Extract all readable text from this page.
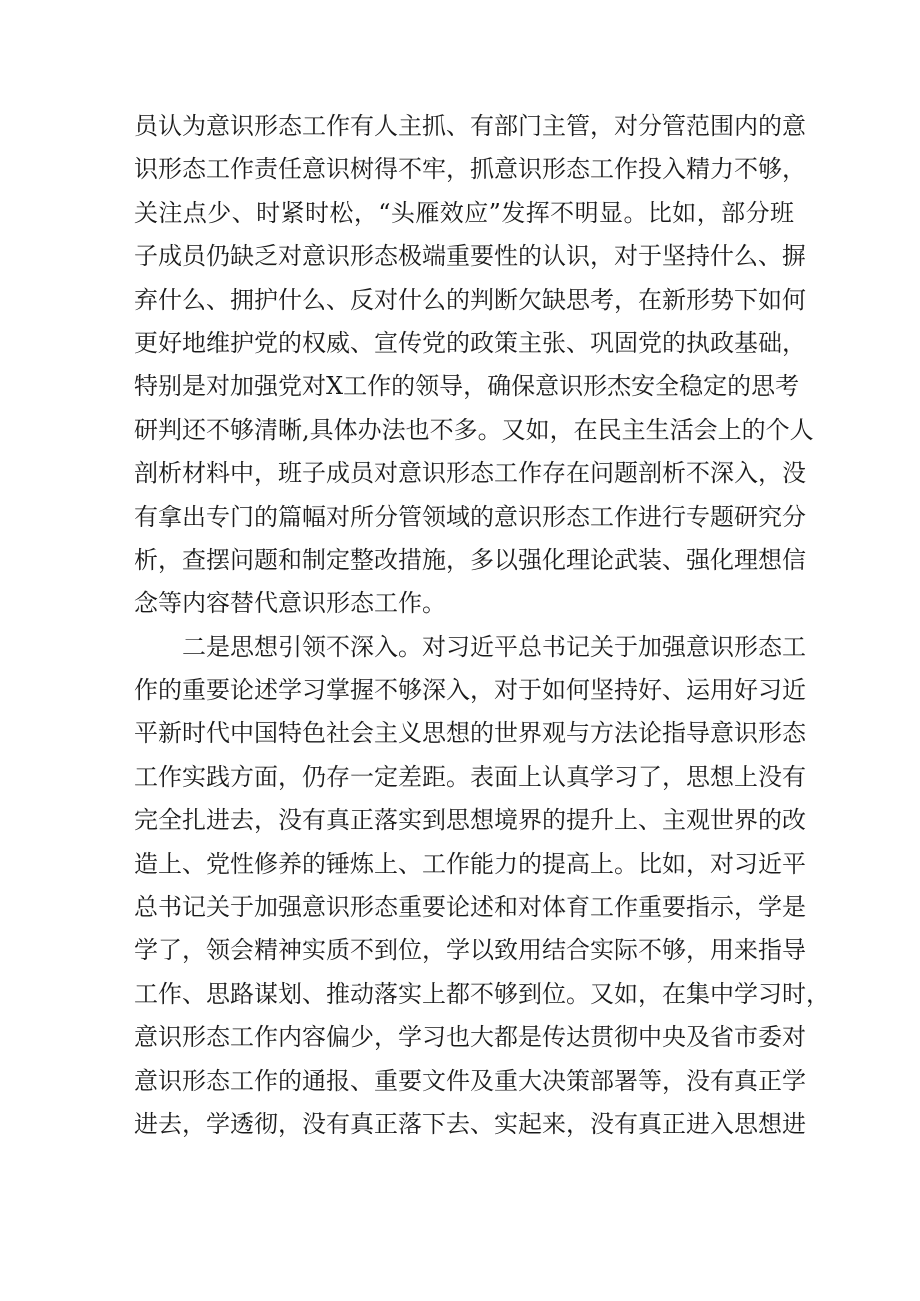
员认为意识形态工作有人主抓、有部门主管，对分管范围内的意
识形态工作责任意识树得不牢，抓意识形态工作投入精力不够，
关注点少、时紧时松，“头雁效应”发挥不明显。比如，部分班
子成员仍缺乏对意识形态极端重要性的认识，对于坚持什么、摒
弃什么、拥护什么、反对什么的判断欠缺思考，在新形势下如何
更好地维护党的权威、宣传党的政策主张、巩固党的执政基础，
特别是对加强党对X工作的领导，确保意识形杰安全稳定的思考
研判还不够清晰,具体办法也不多。又如，在民主生活会上的个人
剖析材料中，班子成员对意识形态工作存在问题剖析不深入，没
有拿出专门的篇幅对所分管领域的意识形态工作进行专题研究分
析，查摆问题和制定整改措施，多以强化理论武装、强化理想信
念等内容替代意识形态工作。
二是思想引领不深入。对习近平总书记关于加强意识形态工
作的重要论述学习掌握不够深入，对于如何坚持好、运用好习近
平新时代中国特色社会主义思想的世界观与方法论指导意识形态
工作实践方面，仍存一定差距。表面上认真学习了，思想上没有
完全扎进去，没有真正落实到思想境界的提升上、主观世界的改
造上、党性修养的锤炼上、工作能力的提高上。比如，对习近平
总书记关于加强意识形态重要论述和对体育工作重要指示，学是
学了，领会精神实质不到位，学以致用结合实际不够，用来指导
工作、思路谋划、推动落实上都不够到位。又如，在集中学习时，
意识形态工作内容偏少，学习也大都是传达贯彻中央及省市委对
意识形态工作的通报、重要文件及重大决策部署等，没有真正学
进去，学透彻，没有真正落下去、实起来，没有真正进入思想进
